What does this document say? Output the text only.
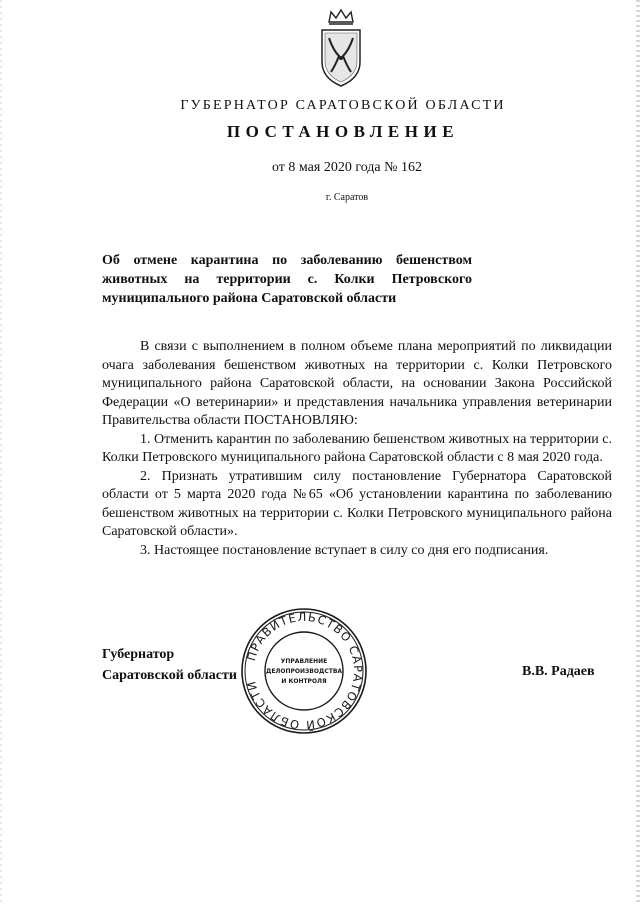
ГУБЕРНАТОР САРАТОВСКОЙ ОБЛАСТИ
ПОСТАНОВЛЕНИЕ
от 8 мая 2020 года № 162
г. Саратов

Об отмене карантина по заболеванию бешенством

животных на территории с. Колки Петровского

муниципального района Саратовской области

В связи с выполнением в полном объеме плана мероприятий по ликвидации очага заболевания бешенством животных на территории с. Колки Петровского муниципального района Саратовской области, на основании Закона Российской Федерации «О ветеринарии» и представления начальника управления ветеринарии Правительства области ПОСТАНОВЛЯЮ:

1. Отменить карантин по заболеванию бешенством животных на территории с. Колки Петровского муниципального района Саратовской области с 8 мая 2020 года.

2. Признать утратившим силу постановление Губернатора Саратовской области от 5 марта 2020 года №65 «Об установлении карантина по заболеванию бешенством животных на территории с. Колки Петровского муниципального района Саратовской области».

3. Настоящее постановление вступает в силу со дня его подписания.

Губернатор
Саратовской области	В.В. Радаев
ПРАВИТЕЛЬСТВО САРАТОВСКОЙ ОБЛАСТИ
УПРАВЛЕНИЕ
ДЕЛОПРОИЗВОДСТВА
И КОНТРОЛЯ
